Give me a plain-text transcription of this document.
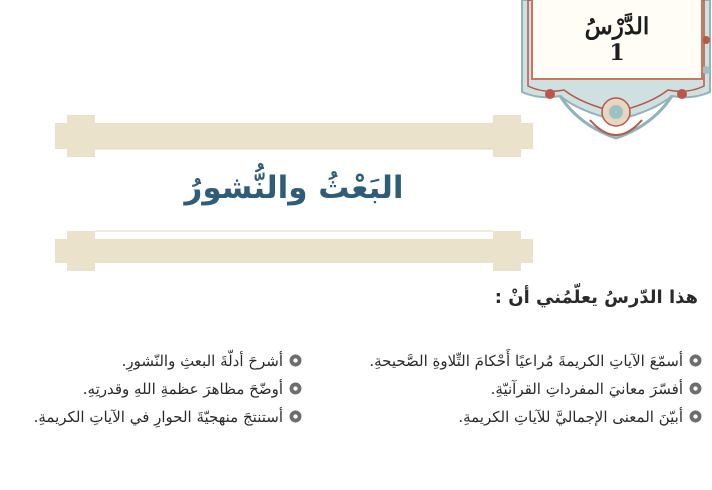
الدَّرْسُ
1
البَعْثُ والنُّشورُ
هذا الدّرسُ يعلّمُني أنْ :
أسمّعَ الآياتِ الكريمةَ مُراعيًا أَحْكامَ التِّلاوةِ الصَّحيحةِ.
أفسّرَ معانيَ المفرداتِ القرآنيّةِ.
أبيّنَ المعنى الإجماليَّ للآياتِ الكريمةِ.
أشرحَ أدلّةَ البعثِ والنّشورِ.
أوضّحَ مظاهرَ عظمةِ اللهِ وقدرتِهِ.
أستنتجَ منهجيّةَ الحوارِ في الآياتِ الكريمةِ.
